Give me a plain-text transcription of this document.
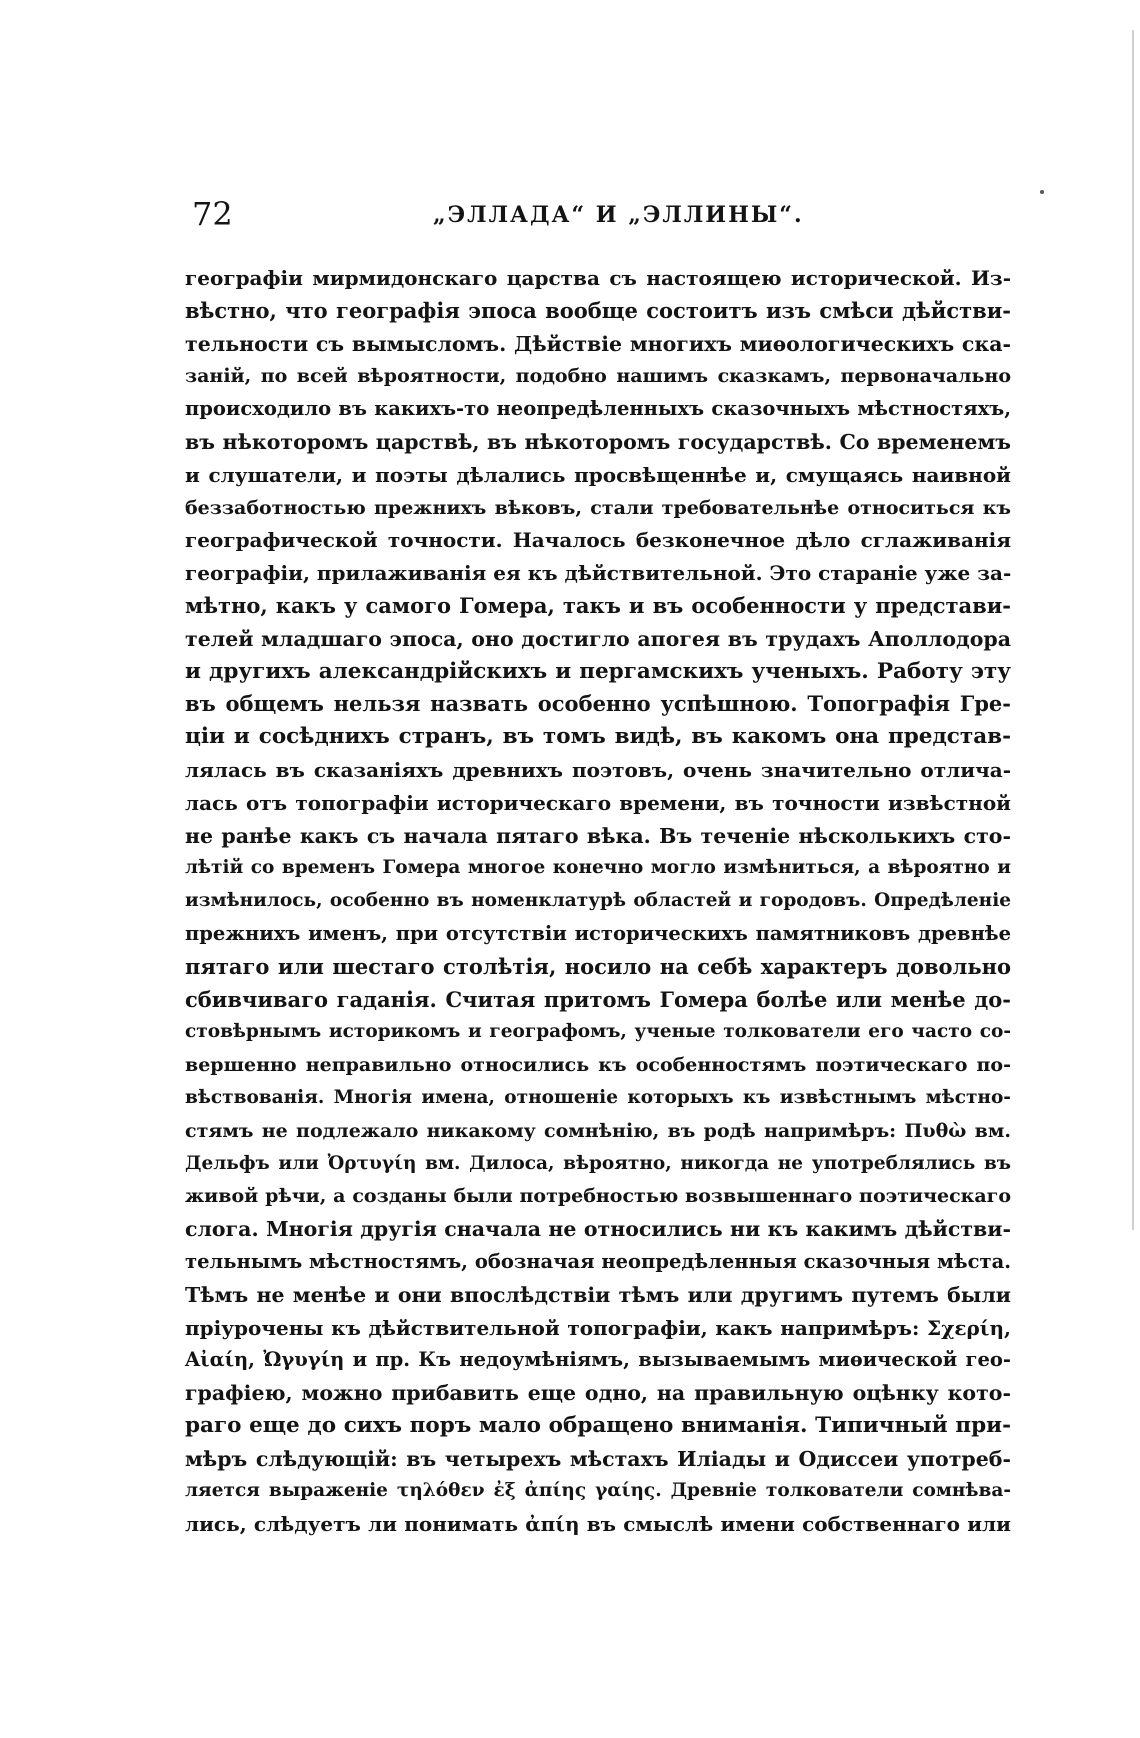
72	„ЭЛЛАДА“ И „ЭЛЛИНЫ“.
географіи мирмидонскаго царства съ настоящею исторической. Из-
вѣстно, что географія эпоса вообще состоитъ изъ смѣси дѣйстви-
тельности съ вымысломъ. Дѣйствіе многихъ миѳологическихъ ска-
заній, по всей вѣроятности, подобно нашимъ сказкамъ, первоначально
происходило въ какихъ-то неопредѣленныхъ сказочныхъ мѣстностяхъ,
въ нѣкоторомъ царствѣ, въ нѣкоторомъ государствѣ. Со временемъ
и слушатели, и поэты дѣлались просвѣщеннѣе и, смущаясь наивной
беззаботностью прежнихъ вѣковъ, стали требовательнѣе относиться къ
географической точности. Началось безконечное дѣло сглаживанія
географіи, прилаживанія ея къ дѣйствительной. Это стараніе уже за-
мѣтно, какъ у самого Гомера, такъ и въ особенности у представи-
телей младшаго эпоса, оно достигло апогея въ трудахъ Аполлодора
и другихъ александрійскихъ и пергамскихъ ученыхъ. Работу эту
въ общемъ нельзя назвать особенно успѣшною. Топографія Гре-
ціи и сосѣднихъ странъ, въ томъ видѣ, въ какомъ она представ-
лялась въ сказаніяхъ древнихъ поэтовъ, очень значительно отлича-
лась отъ топографіи историческаго времени, въ точности извѣстной
не ранѣе какъ съ начала пятаго вѣка. Въ теченіе нѣсколькихъ сто-
лѣтій со временъ Гомера многое конечно могло измѣниться, а вѣроятно и
измѣнилось, особенно въ номенклатурѣ областей и городовъ. Опредѣленіе
прежнихъ именъ, при отсутствіи историческихъ памятниковъ древнѣе
пятаго или шестаго столѣтія, носило на себѣ характеръ довольно
сбивчиваго гаданія. Считая притомъ Гомера болѣе или менѣе до-
стовѣрнымъ историкомъ и географомъ, ученые толкователи его часто со-
вершенно неправильно относились къ особенностямъ поэтическаго по-
вѣствованія. Многія имена, отношеніе которыхъ къ извѣстнымъ мѣстно-
стямъ не подлежало никакому сомнѣнію, въ родѣ напримѣръ: Πυθὼ вм.
Дельфъ или Ὀρτυγίη вм. Дилоса, вѣроятно, никогда не употреблялись въ
живой рѣчи, а созданы были потребностью возвышеннаго поэтическаго
слога. Многія другія сначала не относились ни къ какимъ дѣйстви-
тельнымъ мѣстностямъ, обозначая неопредѣленныя сказочныя мѣста.
Тѣмъ не менѣе и они впослѣдствіи тѣмъ или другимъ путемъ были
пріурочены къ дѣйствительной топографіи, какъ напримѣръ: Σχερίη,
Αἰαίη, Ὠγυγίη и пр. Къ недоумѣніямъ, вызываемымъ миѳической гео-
графіею, можно прибавить еще одно, на правильную оцѣнку кото-
раго еще до сихъ поръ мало обращено вниманія. Типичный при-
мѣръ слѣдующій: въ четырехъ мѣстахъ Иліады и Одиссеи употреб-
ляется выраженіе τηλόθεν ἐξ ἀπίης γαίης. Древніе толкователи сомнѣва-
лись, слѣдуетъ ли понимать ἀπίη въ смыслѣ имени собственнаго или
